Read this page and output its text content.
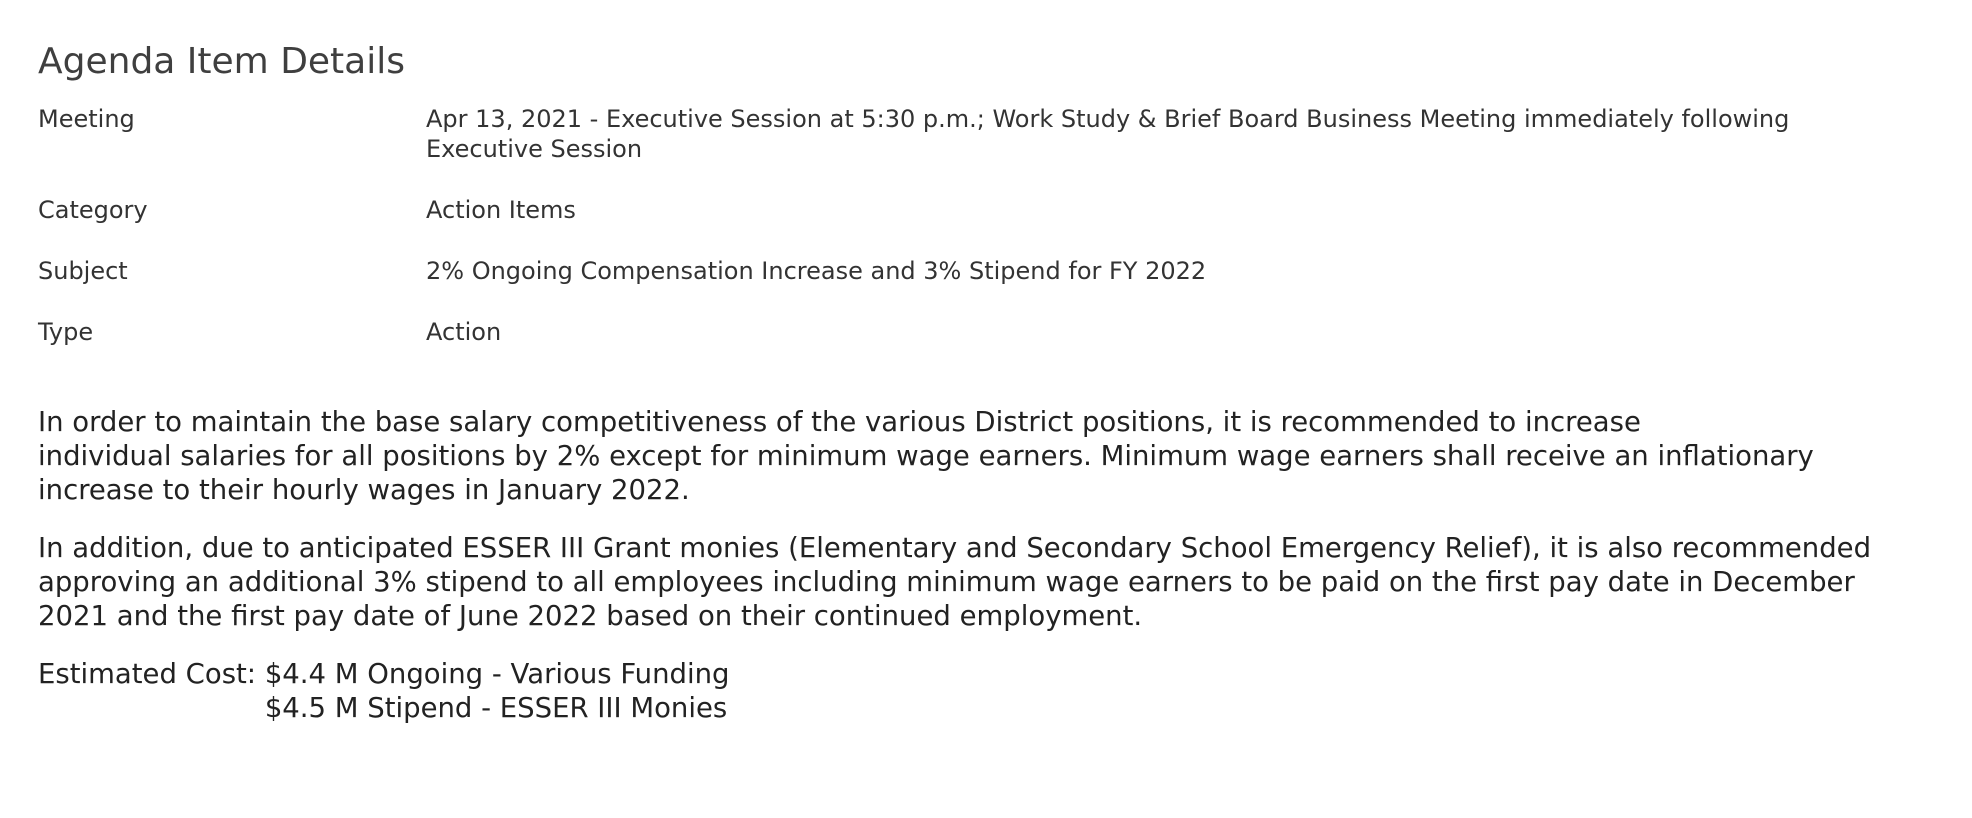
Agenda Item Details
Meeting	Apr 13, 2021 - Executive Session at 5:30 p.m.; Work Study & Brief Board Business Meeting immediately following Executive Session
Category	Action Items
Subject	2% Ongoing Compensation Increase and 3% Stipend for FY 2022
Type	Action

In order to maintain the base salary competitiveness of the various District positions, it is recommended to increase
individual salaries for all positions by 2% except for minimum wage earners. Minimum wage earners shall receive an inflationary
increase to their hourly wages in January 2022.

In addition, due to anticipated ESSER III Grant monies (Elementary and Secondary School Emergency Relief), it is also recommended
approving an additional 3% stipend to all employees including minimum wage earners to be paid on the first pay date in December
2021 and the first pay date of June 2022 based on their continued employment.

Estimated Cost: $4.4 M Ongoing - Various Funding
$4.5 M Stipend - ESSER III Monies
